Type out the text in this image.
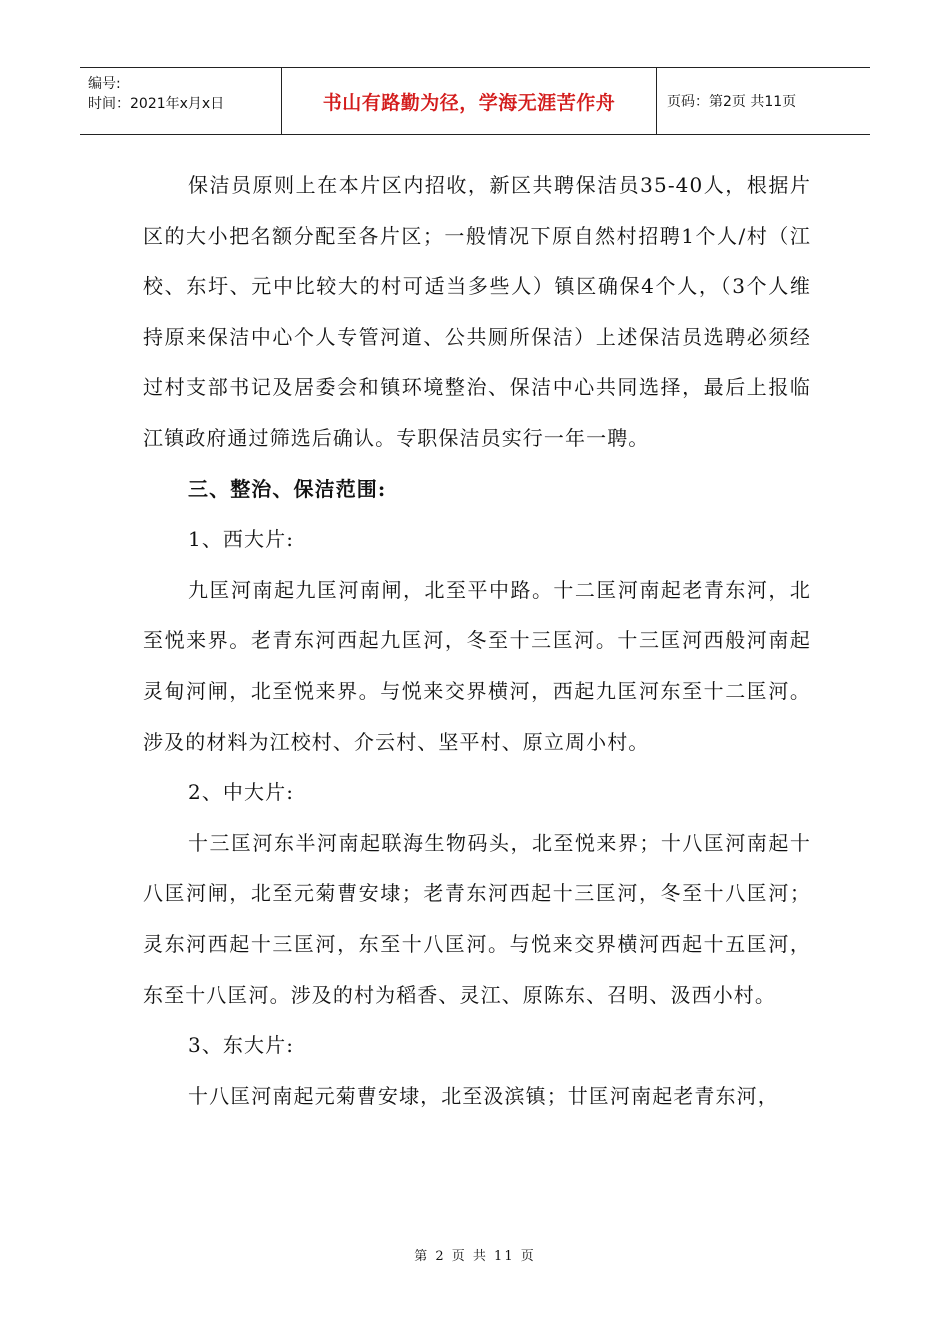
编号:
时间：2021年x月x日	书山有路勤为径，学海无涯苦作舟	页码：第2页 共11页

保洁员原则上在本片区内招收，新区共聘保洁员35-40人，根据片区的大小把名额分配至各片区；一般情况下原自然村招聘1个人/村（江校、东圩、元中比较大的村可适当多些人）镇区确保4个人，（3个人维持原来保洁中心个人专管河道、公共厕所保洁）上述保洁员选聘必须经过村支部书记及居委会和镇环境整治、保洁中心共同选择，最后上报临江镇政府通过筛选后确认。专职保洁员实行一年一聘。

三、整治、保洁范围:

1、西大片:

九匡河南起九匡河南闸，北至平中路。十二匡河南起老青东河，北至悦来界。老青东河西起九匡河，冬至十三匡河。十三匡河西般河南起灵甸河闸，北至悦来界。与悦来交界横河，西起九匡河东至十二匡河。涉及的材料为江校村、介云村、坚平村、原立周小村。

2、中大片:

十三匡河东半河南起联海生物码头，北至悦来界；十八匡河南起十八匡河闸，北至元菊曹安埭；老青东河西起十三匡河，冬至十八匡河；灵东河西起十三匡河，东至十八匡河。与悦来交界横河西起十五匡河，东至十八匡河。涉及的村为稻香、灵江、原陈东、召明、汲西小村。

3、东大片:

十八匡河南起元菊曹安埭，北至汲滨镇；廿匡河南起老青东河，

第 2 页 共 11 页
